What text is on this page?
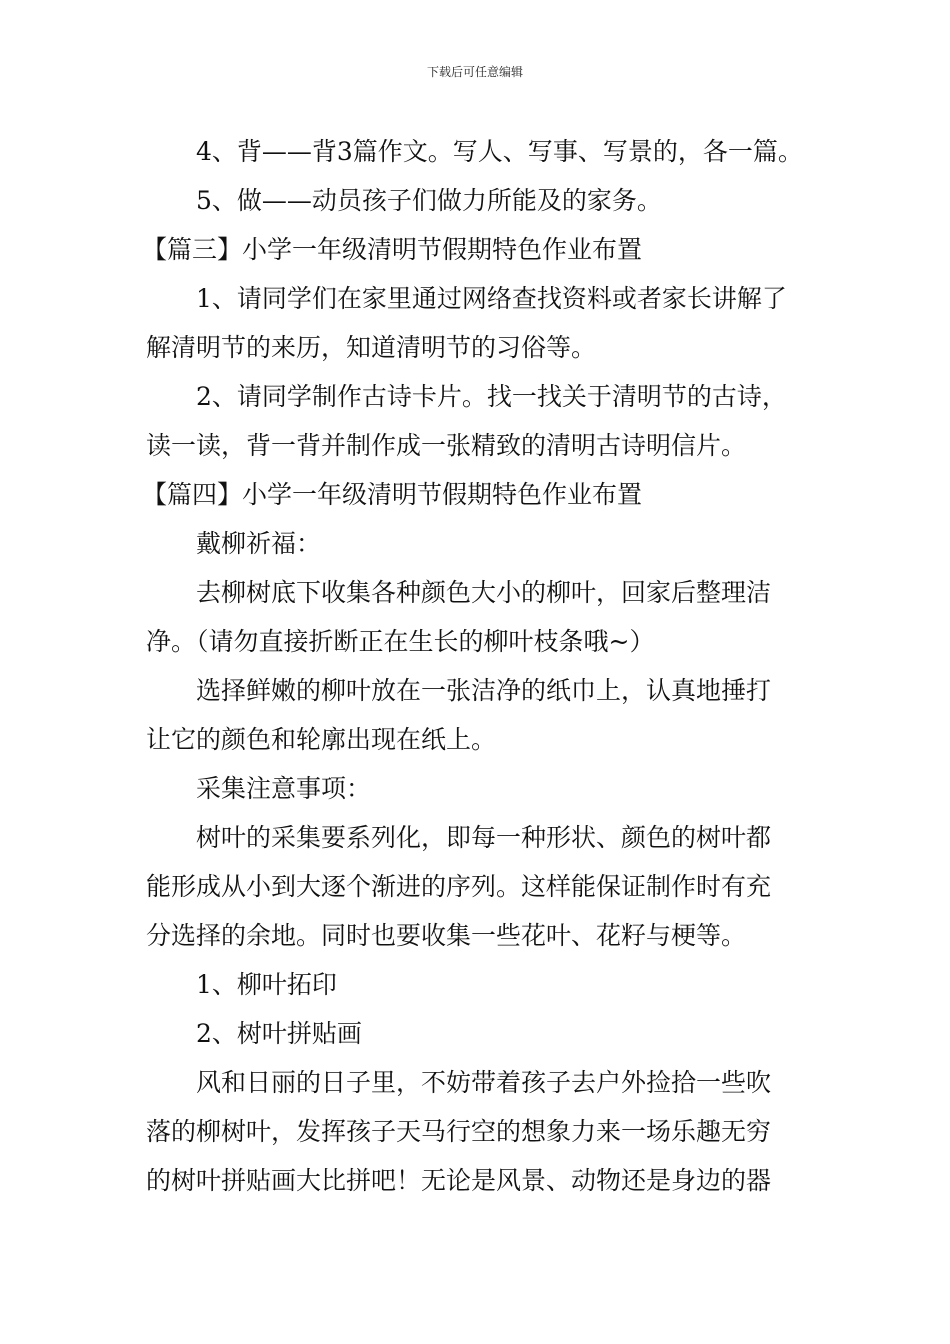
下载后可任意编辑
4、背——背3篇作文。写人、写事、写景的，各一篇。
5、做——动员孩子们做力所能及的家务。
【篇三】小学一年级清明节假期特色作业布置
1、请同学们在家里通过网络查找资料或者家长讲解了
解清明节的来历，知道清明节的习俗等。
2、请同学制作古诗卡片。找一找关于清明节的古诗，
读一读，背一背并制作成一张精致的清明古诗明信片。
【篇四】小学一年级清明节假期特色作业布置
戴柳祈福：
去柳树底下收集各种颜色大小的柳叶，回家后整理洁
净。（请勿直接折断正在生长的柳叶枝条哦~）
选择鲜嫩的柳叶放在一张洁净的纸巾上，认真地捶打
让它的颜色和轮廓出现在纸上。
采集注意事项：
树叶的采集要系列化，即每一种形状、颜色的树叶都
能形成从小到大逐个渐进的序列。这样能保证制作时有充
分选择的余地。同时也要收集一些花叶、花籽与梗等。
1、柳叶拓印
2、树叶拼贴画
风和日丽的日子里，不妨带着孩子去户外捡拾一些吹
落的柳树叶，发挥孩子天马行空的想象力来一场乐趣无穷
的树叶拼贴画大比拼吧！无论是风景、动物还是身边的器
